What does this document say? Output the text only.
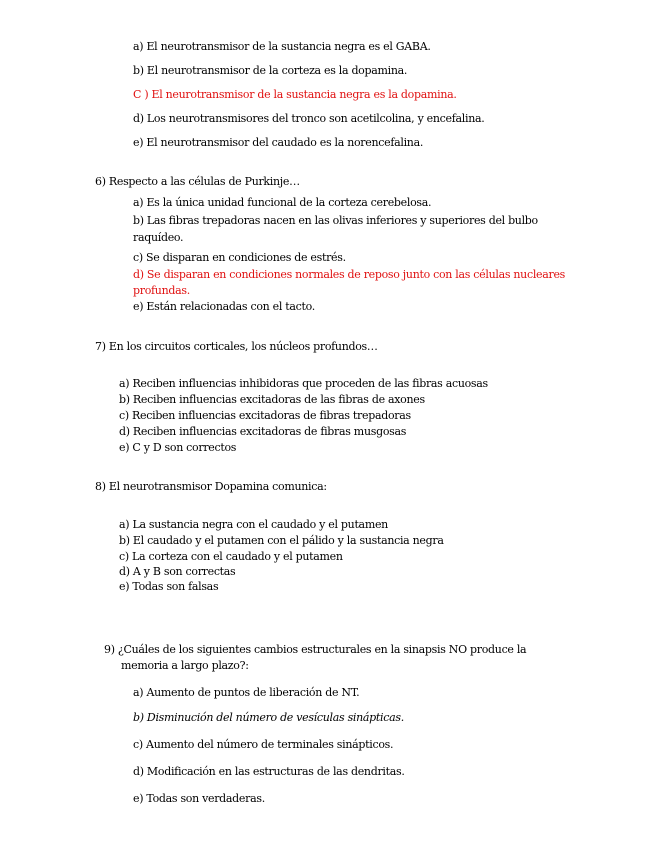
a) El neurotransmisor de la sustancia negra es el GABA.
b) El neurotransmisor de la corteza es la dopamina.
C ) El neurotransmisor de la sustancia negra es la dopamina.
d) Los neurotransmisores del tronco son acetilcolina, y encefalina.
e) El neurotransmisor del caudado es la norencefalina.
6) Respecto a las células de Purkinje…
a) Es la única unidad funcional de la corteza cerebelosa.
b) Las fibras trepadoras nacen en las olivas inferiores y superiores del bulbo
raquídeo.
c) Se disparan en condiciones de estrés.
d) Se disparan en condiciones normales de reposo junto con las células nucleares
profundas.
e) Están relacionadas con el tacto.
7) En los circuitos corticales, los núcleos profundos…
a) Reciben influencias inhibidoras que proceden de las fibras acuosas
b) Reciben influencias excitadoras de las fibras de axones
c) Reciben influencias excitadoras de fibras trepadoras
d) Reciben influencias excitadoras de fibras musgosas
e) C y D son correctos
8) El neurotransmisor Dopamina comunica:
a) La sustancia negra con el caudado y el putamen
b) El caudado y el putamen con el pálido y la sustancia negra
c) La corteza con el caudado y el putamen
d) A y B son correctas
e) Todas son falsas
9) ¿Cuáles de los siguientes cambios estructurales en la sinapsis NO produce la
memoria a largo plazo?:
a) Aumento de puntos de liberación de NT.
b) Disminución del número de vesículas sinápticas.
c) Aumento del número de terminales sinápticos.
d) Modificación en las estructuras de las dendritas.
e) Todas son verdaderas.
